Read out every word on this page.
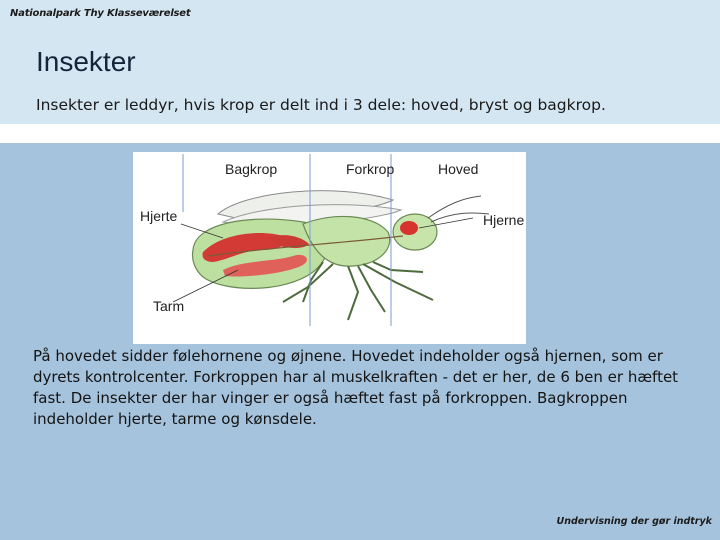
Nationalpark Thy Klasseværelset
Insekter
Insekter er leddyr, hvis krop er delt ind i 3 dele: hoved, bryst og bagkrop.
Bagkrop	Forkrop	Hoved
Hjerte	Hjerne
Tarm
På hovedet sidder følehornene og øjnene. Hovedet indeholder også hjernen, som er dyrets kontrolcenter. Forkroppen har al muskelkraften - det er her, de 6 ben er hæftet fast. De insekter der har vinger er også hæftet fast på forkroppen. Bagkroppen indeholder hjerte, tarme og kønsdele.
Undervisning der gør indtryk
